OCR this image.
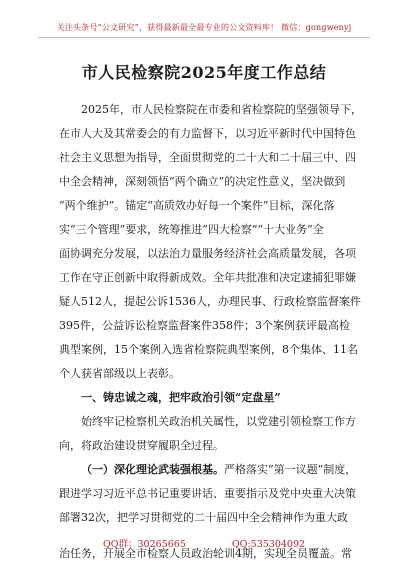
关注头条号“公文研究”，获得最新最全最专业的公文资料库！ 微信：gongwenyj
市人民检察院2025年度工作总结
2025年，市人民检察院在市委和省检察院的坚强领导下，
在市人大及其常委会的有力监督下，以习近平新时代中国特色
社会主义思想为指导，全面贯彻党的二十大和二十届三中、四
中全会精神，深刻领悟“两个确立”的决定性意义，坚决做到
“两个维护”。锚定“高质效办好每一个案件”目标，深化落
实“三个管理”要求，统筹推进“四大检察”“十大业务”全
面协调充分发展，以法治力量服务经济社会高质量发展，各项
工作在守正创新中取得新成效。全年共批准和决定逮捕犯罪嫌
疑人512人，提起公诉1536人，办理民事、行政检察监督案件
395件，公益诉讼检察监督案件358件；3个案例获评最高检
典型案例，15个案例入选省检察院典型案例，8个集体、11名
个人获省部级以上表彰。
一、铸忠诚之魂，把牢政治引领“定盘星”
始终牢记检察机关政治机关属性，以党建引领检察工作方
向，将政治建设贯穿履职全过程。
（一）深化理论武装强根基。严格落实“第一议题”制度，
跟进学习习近平总书记重要讲话、重要指示及党中央重大决策
部署32次，把学习贯彻党的二十届四中全会精神作为重大政
治任务，开展全市检察人员政治轮训4期，实现全员覆盖。常
QQ群：30265665	QQ:535304092
